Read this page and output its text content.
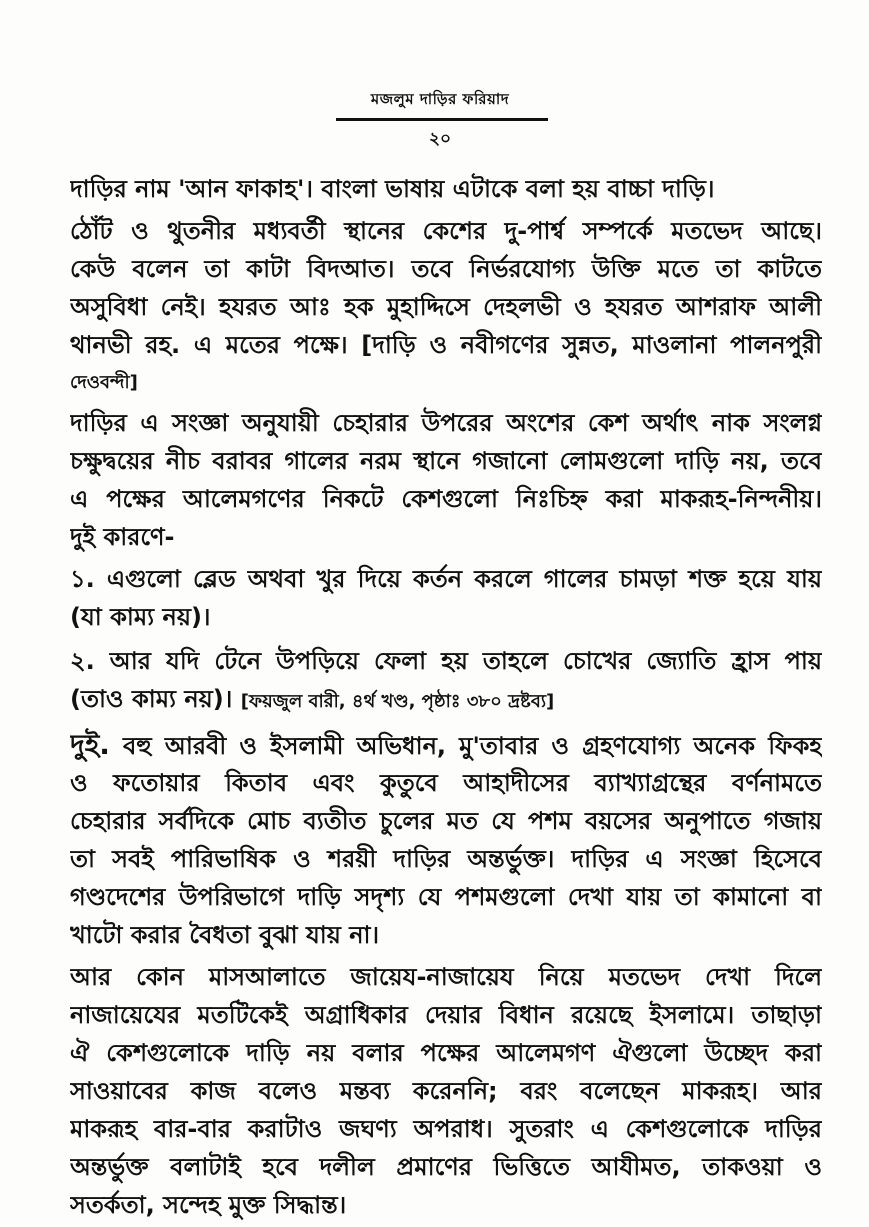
মজলুম দাড়ির ফরিয়াদ
২০
দাড়ির নাম 'আন ফাকাহ'। বাংলা ভাষায় এটাকে বলা হয় বাচ্চা দাড়ি।
ঠোঁট ও থুতনীর মধ্যবর্তী স্থানের কেশের দু-পার্শ্ব সম্পর্কে মতভেদ আছে।
কেউ বলেন তা কাটা বিদআত। তবে নির্ভরযোগ্য উক্তি মতে তা কাটতে
অসুবিধা নেই। হযরত আঃ হক মুহাদ্দিসে দেহলভী ও হযরত আশরাফ আলী
থানভী রহ. এ মতের পক্ষে। [দাড়ি ও নবীগণের সুন্নত, মাওলানা পালনপুরী
দেওবন্দী]
দাড়ির এ সংজ্ঞা অনুযায়ী চেহারার উপরের অংশের কেশ অর্থাৎ নাক সংলগ্ন
চক্ষুদ্বয়ের নীচ বরাবর গালের নরম স্থানে গজানো লোমগুলো দাড়ি নয়, তবে
এ পক্ষের আলেমগণের নিকটে কেশগুলো নিঃচিহ্ন করা মাকরূহ-নিন্দনীয়।
দুই কারণে-
১. এগুলো ব্লেড অথবা খুর দিয়ে কর্তন করলে গালের চামড়া শক্ত হয়ে যায়
(যা কাম্য নয়)।
২. আর যদি টেনে উপড়িয়ে ফেলা হয় তাহলে চোখের জ্যোতি হ্রাস পায়
(তাও কাম্য নয়)। [ফয়জুল বারী, ৪র্থ খণ্ড, পৃষ্ঠাঃ ৩৮০ দ্রষ্টব্য]
দুই. বহু আরবী ও ইসলামী অভিধান, মু'তাবার ও গ্রহণযোগ্য অনেক ফিকহ
ও ফতোয়ার কিতাব এবং কুতুবে আহাদীসের ব্যাখ্যাগ্রন্থের বর্ণনামতে
চেহারার সর্বদিকে মোচ ব্যতীত চুলের মত যে পশম বয়সের অনুপাতে গজায়
তা সবই পারিভাষিক ও শরয়ী দাড়ির অন্তর্ভুক্ত। দাড়ির এ সংজ্ঞা হিসেবে
গণ্ডদেশের উপরিভাগে দাড়ি সদৃশ্য যে পশমগুলো দেখা যায় তা কামানো বা
খাটো করার বৈধতা বুঝা যায় না।
আর কোন মাসআলাতে জায়েয-নাজায়েয নিয়ে মতভেদ দেখা দিলে
নাজায়েযের মতটিকেই অগ্রাধিকার দেয়ার বিধান রয়েছে ইসলামে। তাছাড়া
ঐ কেশগুলোকে দাড়ি নয় বলার পক্ষের আলেমগণ ঐগুলো উচ্ছেদ করা
সাওয়াবের কাজ বলেও মন্তব্য করেননি; বরং বলেছেন মাকরূহ। আর
মাকরূহ বার-বার করাটাও জঘণ্য অপরাধ। সুতরাং এ কেশগুলোকে দাড়ির
অন্তর্ভুক্ত বলাটাই হবে দলীল প্রমাণের ভিত্তিতে আযীমত, তাকওয়া ও
সতর্কতা, সন্দেহ মুক্ত সিদ্ধান্ত।
